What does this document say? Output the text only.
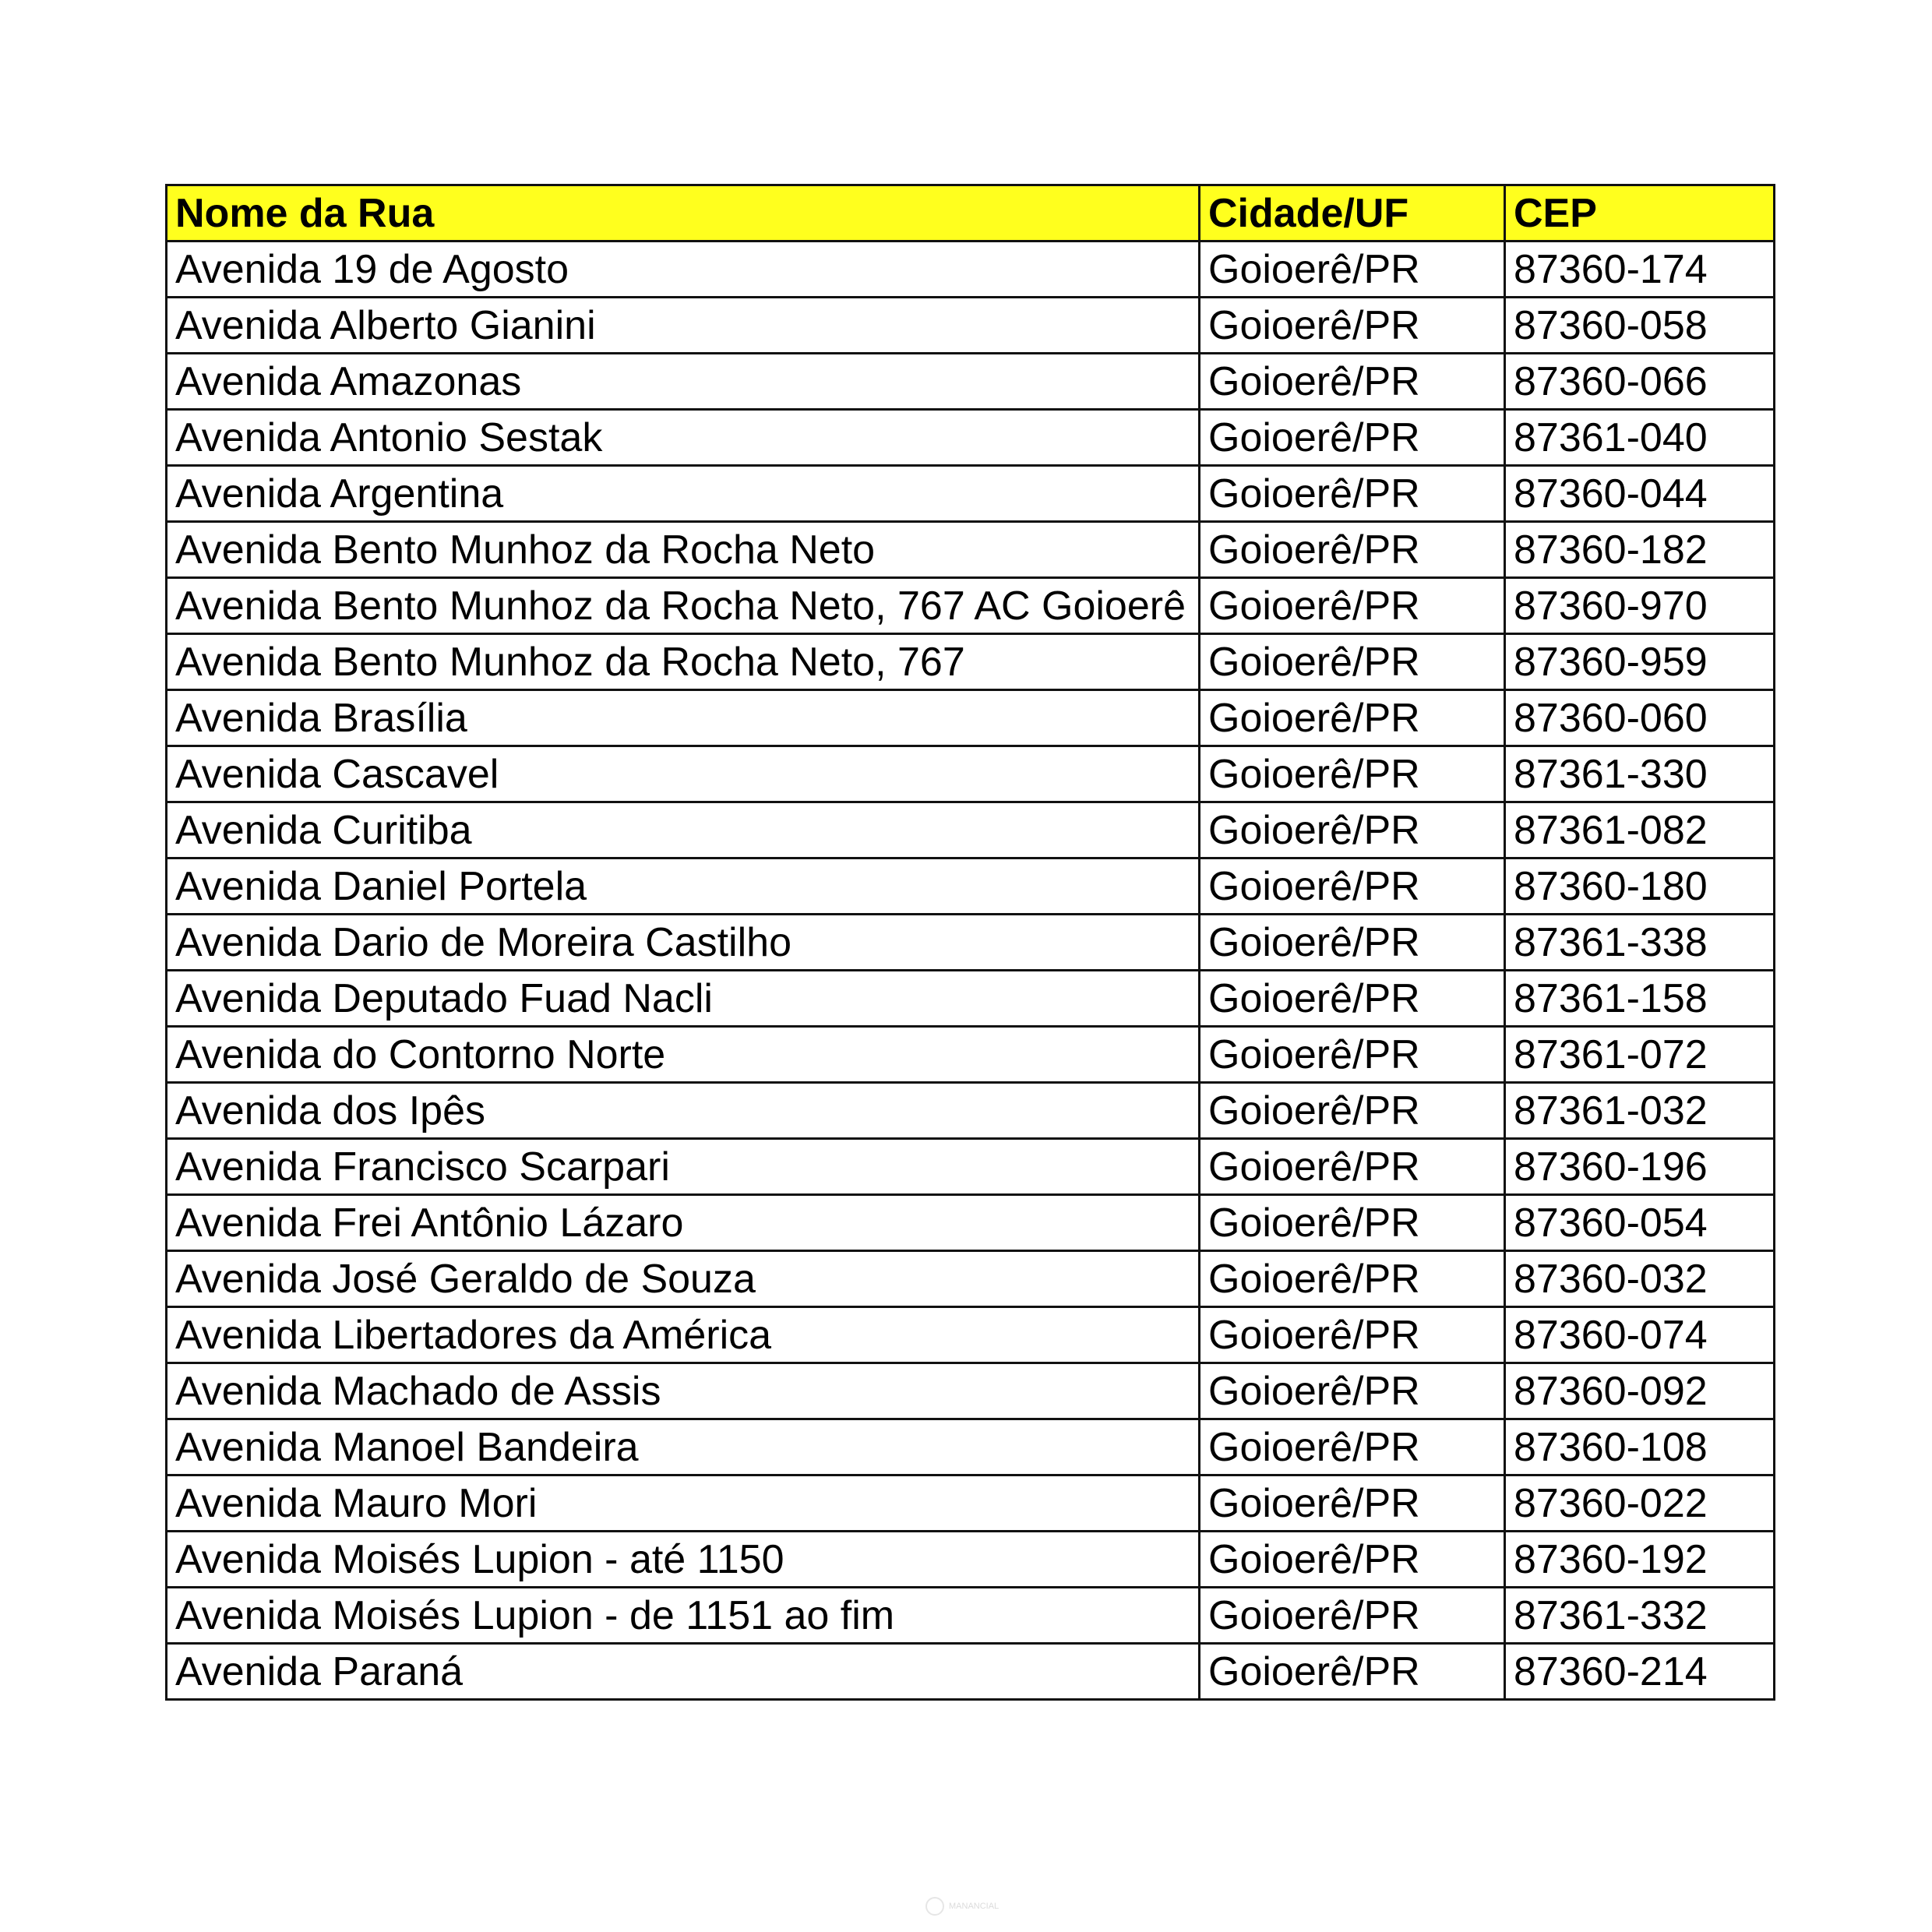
Nome da Rua	Cidade/UF	CEP
Avenida 19 de Agosto	Goioerê/PR	87360-174
Avenida Alberto Gianini	Goioerê/PR	87360-058
Avenida Amazonas	Goioerê/PR	87360-066
Avenida Antonio Sestak	Goioerê/PR	87361-040
Avenida Argentina	Goioerê/PR	87360-044
Avenida Bento Munhoz da Rocha Neto	Goioerê/PR	87360-182
Avenida Bento Munhoz da Rocha Neto, 767 AC Goioerê	Goioerê/PR	87360-970
Avenida Bento Munhoz da Rocha Neto, 767	Goioerê/PR	87360-959
Avenida Brasília	Goioerê/PR	87360-060
Avenida Cascavel	Goioerê/PR	87361-330
Avenida Curitiba	Goioerê/PR	87361-082
Avenida Daniel Portela	Goioerê/PR	87360-180
Avenida Dario de Moreira Castilho	Goioerê/PR	87361-338
Avenida Deputado Fuad Nacli	Goioerê/PR	87361-158
Avenida do Contorno Norte	Goioerê/PR	87361-072
Avenida dos Ipês	Goioerê/PR	87361-032
Avenida Francisco Scarpari	Goioerê/PR	87360-196
Avenida Frei Antônio Lázaro	Goioerê/PR	87360-054
Avenida José Geraldo de Souza	Goioerê/PR	87360-032
Avenida Libertadores da América	Goioerê/PR	87360-074
Avenida Machado de Assis	Goioerê/PR	87360-092
Avenida Manoel Bandeira	Goioerê/PR	87360-108
Avenida Mauro Mori	Goioerê/PR	87360-022
Avenida Moisés Lupion - até 1150	Goioerê/PR	87360-192
Avenida Moisés Lupion - de 1151 ao fim	Goioerê/PR	87361-332
Avenida Paraná	Goioerê/PR	87360-214
MANANCIAL
